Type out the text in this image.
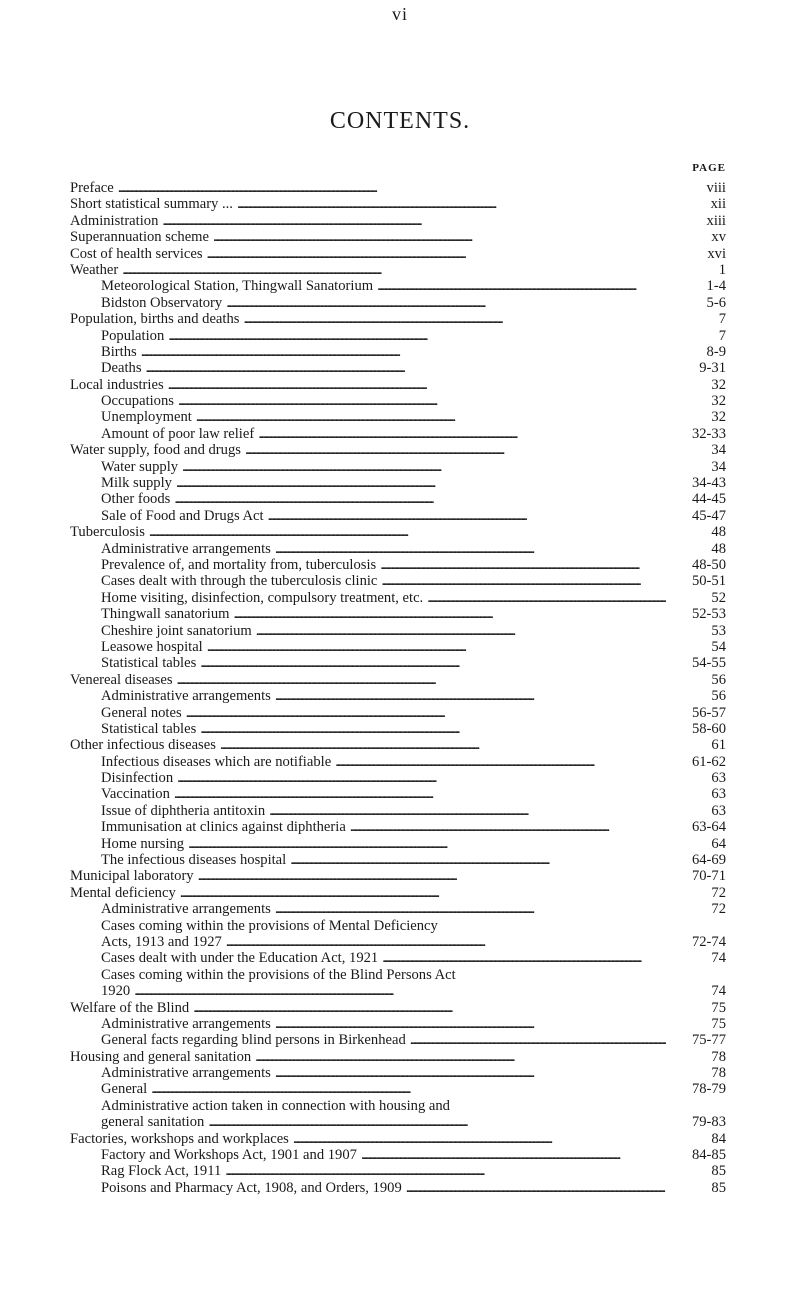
vi
CONTENTS.
PAGE
Preface . . .	viii
Short statistical summary ... . . .	xii
Administration . . .	xiii
Superannuation scheme . . .	xv
Cost of health services . . .	xvi
Weather . . .	1
Meteorological Station, Thingwall Sanatorium . . .	1-4
Bidston Observatory . . .	5-6
Population, births and deaths . . .	7
Population . . .	7
Births . . .	8-9
Deaths . . .	9-31
Local industries . . .	32
Occupations . . .	32
Unemployment . . .	32
Amount of poor law relief . . .	32-33
Water supply, food and drugs . . .	34
Water supply . . .	34
Milk supply . . .	34-43
Other foods . . .	44-45
Sale of Food and Drugs Act . . .	45-47
Tuberculosis . . .	48
Administrative arrangements . . .	48
Prevalence of, and mortality from, tuberculosis . . .	48-50
Cases dealt with through the tuberculosis clinic . . .	50-51
Home visiting, disinfection, compulsory treatment, etc. . . .	52
Thingwall sanatorium . . .	52-53
Cheshire joint sanatorium . . .	53
Leasowe hospital . . .	54
Statistical tables . . .	54-55
Venereal diseases . . .	56
Administrative arrangements . . .	56
General notes . . .	56-57
Statistical tables . . .	58-60
Other infectious diseases . . .	61
Infectious diseases which are notifiable . . .	61-62
Disinfection . . .	63
Vaccination . . .	63
Issue of diphtheria antitoxin . . .	63
Immunisation at clinics against diphtheria . . .	63-64
Home nursing . . .	64
The infectious diseases hospital . . .	64-69
Municipal laboratory . . .	70-71
Mental deficiency . . .	72
Administrative arrangements . . .	72
Cases coming within the provisions of Mental Deficiency
Acts, 1913 and 1927 . . .	72-74
Cases dealt with under the Education Act, 1921 . . .	74
Cases coming within the provisions of the Blind Persons Act
1920 . . .	74
Welfare of the Blind . . .	75
Administrative arrangements . . .	75
General facts regarding blind persons in Birkenhead . . .	75-77
Housing and general sanitation . . .	78
Administrative arrangements . . .	78
General . . .	78-79
Administrative action taken in connection with housing and
general sanitation . . .	79-83
Factories, workshops and workplaces . . .	84
Factory and Workshops Act, 1901 and 1907 . . .	84-85
Rag Flock Act, 1911 . . .	85
Poisons and Pharmacy Act, 1908, and Orders, 1909 . . .	85
